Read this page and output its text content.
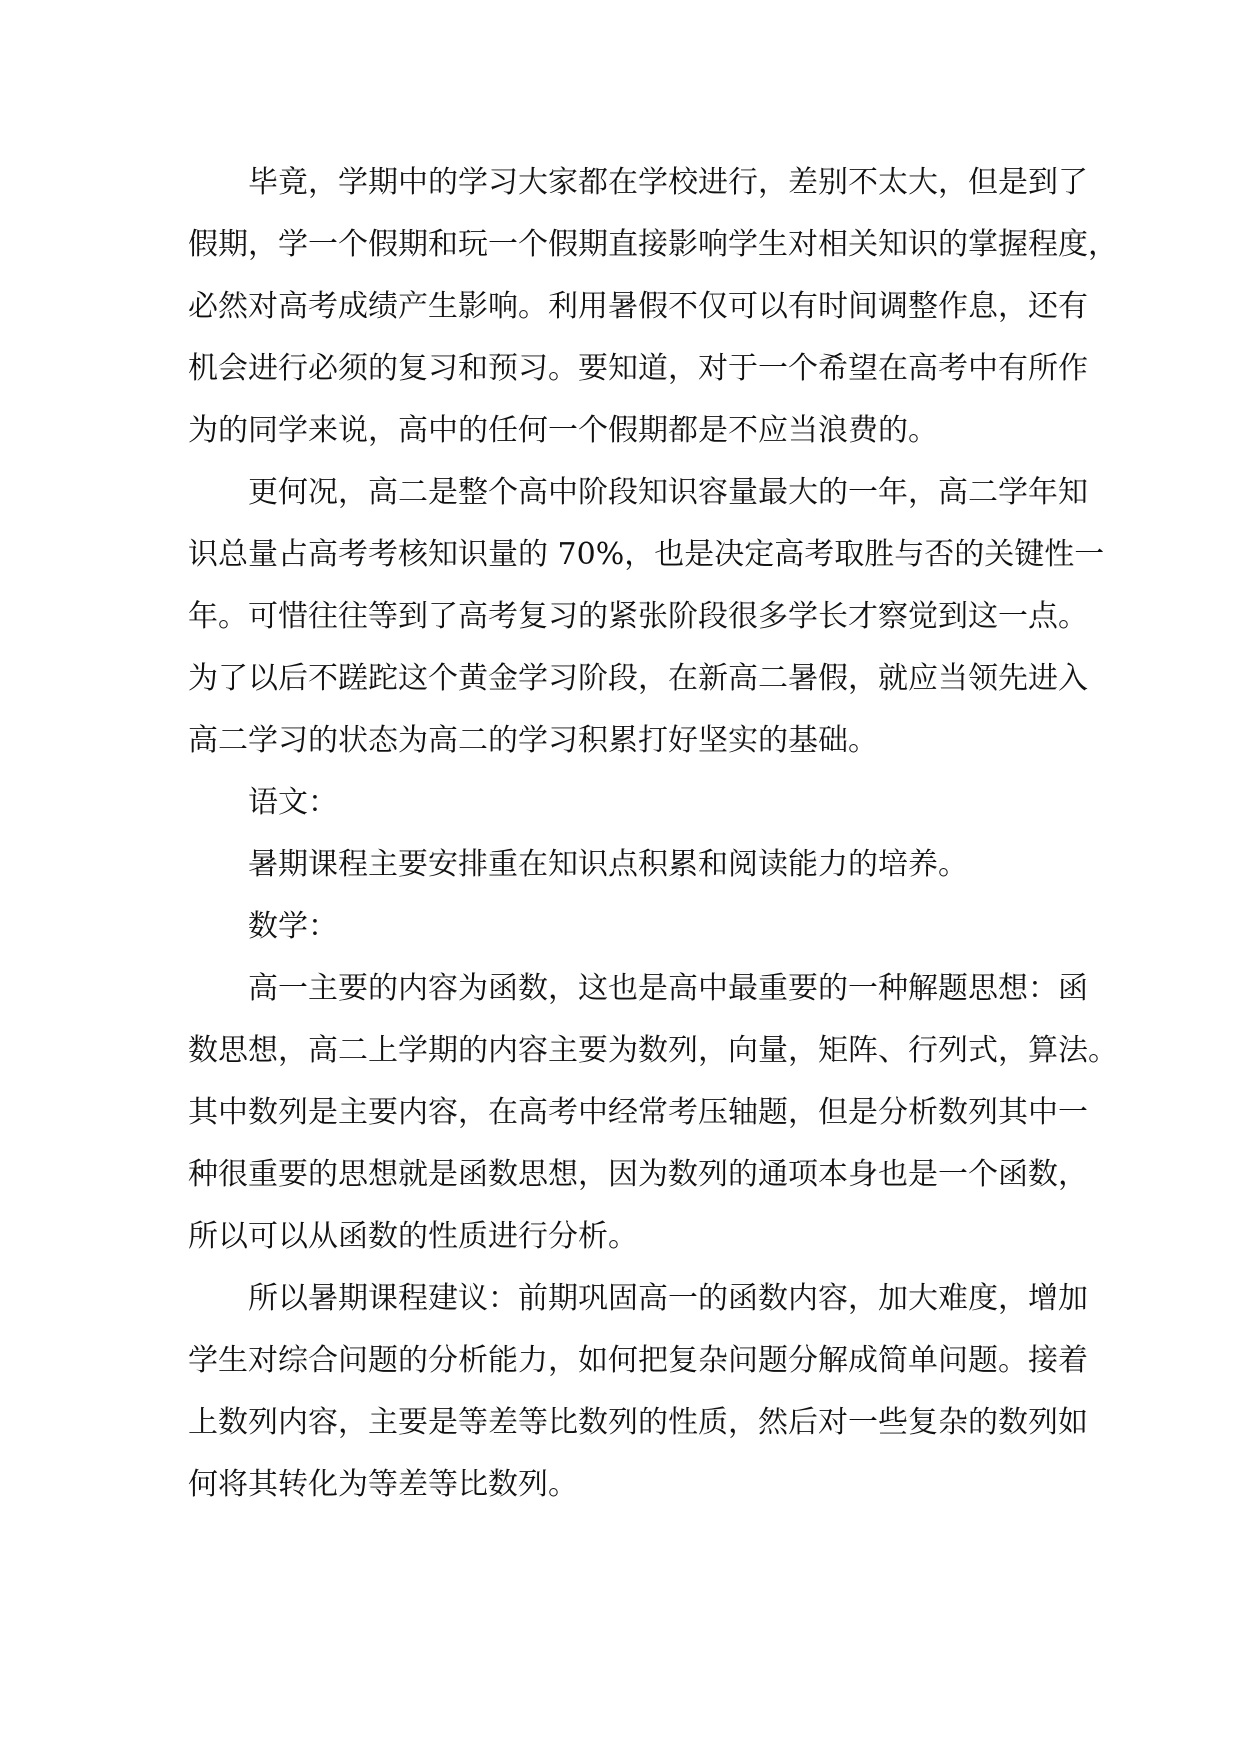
毕竟，学期中的学习大家都在学校进行，差别不太大，但是到了
假期，学一个假期和玩一个假期直接影响学生对相关知识的掌握程度，
必然对高考成绩产生影响。利用暑假不仅可以有时间调整作息，还有
机会进行必须的复习和预习。要知道，对于一个希望在高考中有所作
为的同学来说，高中的任何一个假期都是不应当浪费的。
更何况，高二是整个高中阶段知识容量最大的一年，高二学年知
识总量占高考考核知识量的 70%，也是决定高考取胜与否的关键性一
年。可惜往往等到了高考复习的紧张阶段很多学长才察觉到这一点。
为了以后不蹉跎这个黄金学习阶段，在新高二暑假，就应当领先进入
高二学习的状态为高二的学习积累打好坚实的基础。
语文：
暑期课程主要安排重在知识点积累和阅读能力的培养。
数学：
高一主要的内容为函数，这也是高中最重要的一种解题思想：函
数思想，高二上学期的内容主要为数列，向量，矩阵、行列式，算法。
其中数列是主要内容，在高考中经常考压轴题，但是分析数列其中一
种很重要的思想就是函数思想，因为数列的通项本身也是一个函数，
所以可以从函数的性质进行分析。
所以暑期课程建议：前期巩固高一的函数内容，加大难度，增加
学生对综合问题的分析能力，如何把复杂问题分解成简单问题。接着
上数列内容，主要是等差等比数列的性质，然后对一些复杂的数列如
何将其转化为等差等比数列。
